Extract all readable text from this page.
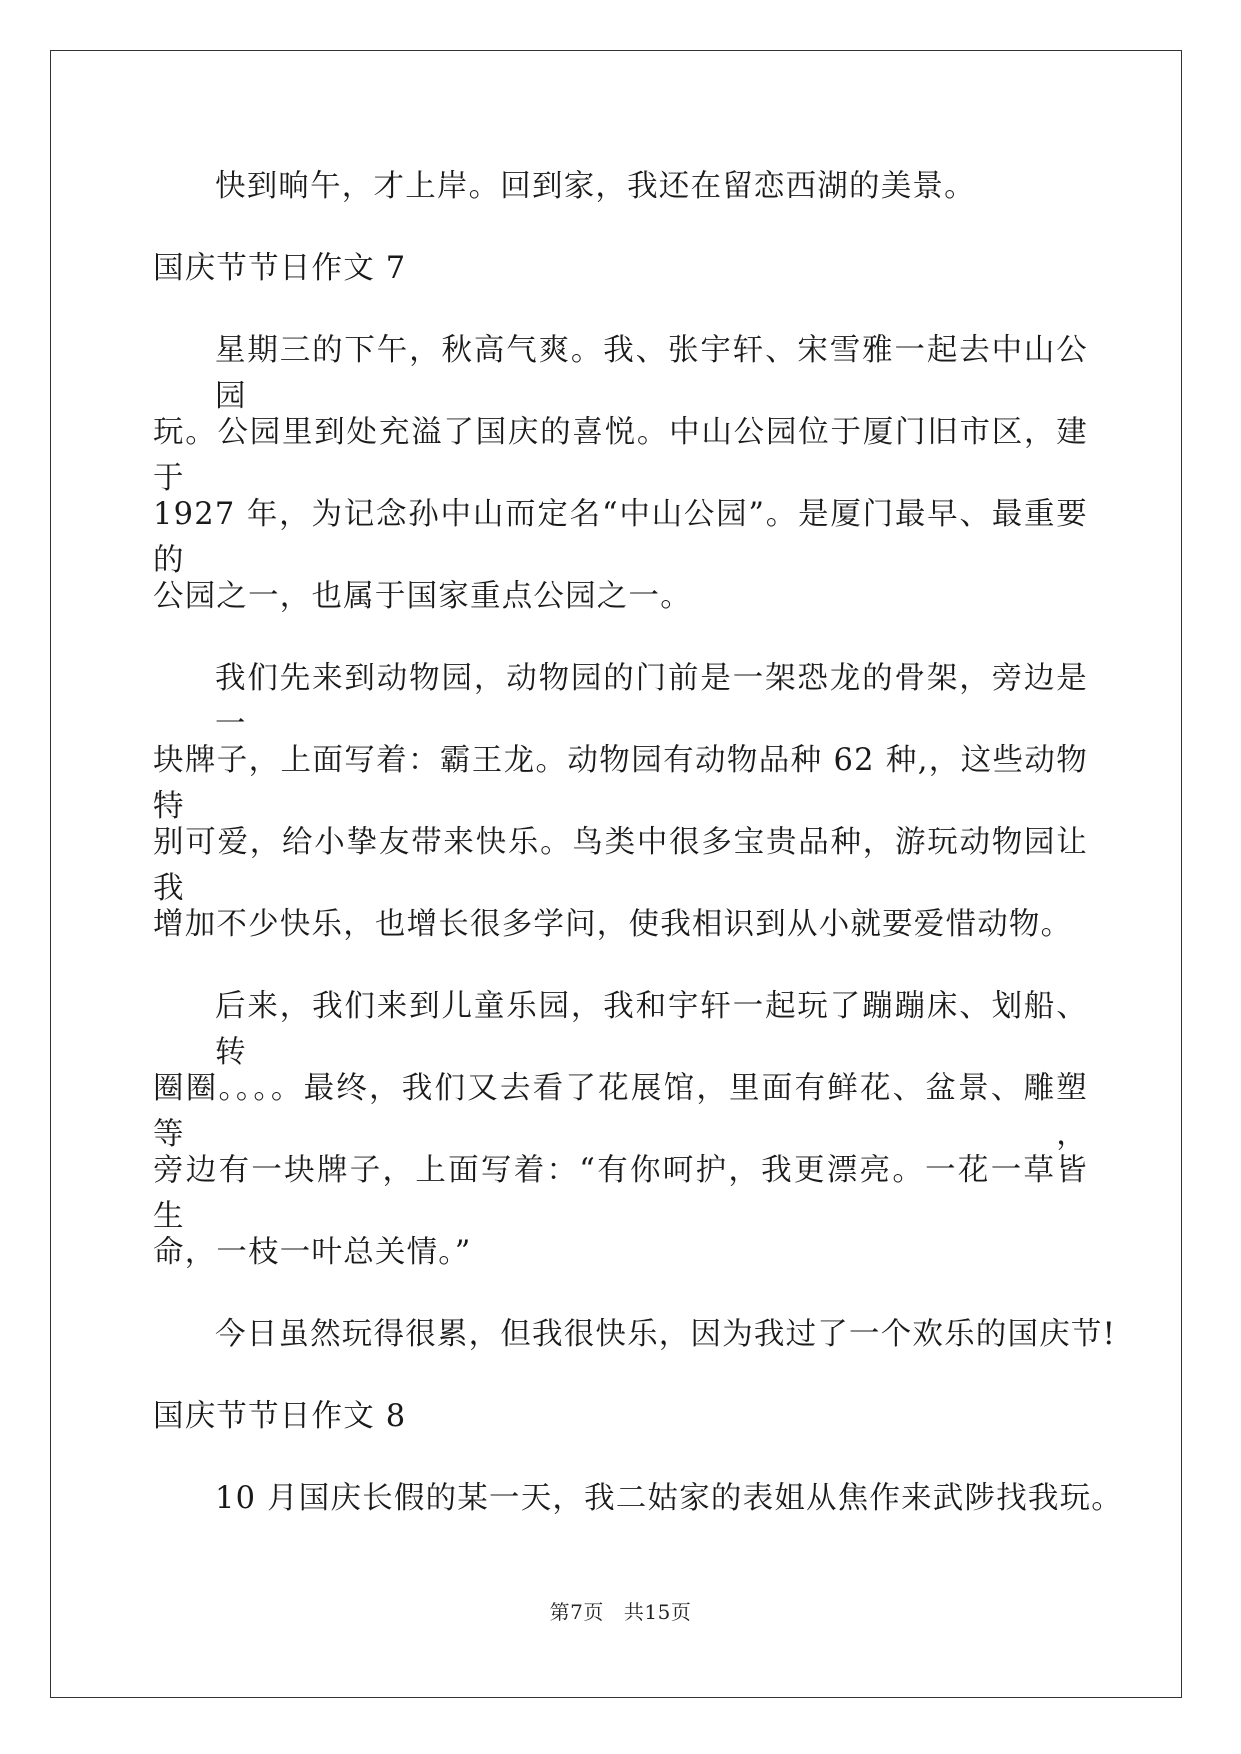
快到晌午，才上岸。回到家，我还在留恋西湖的美景。
国庆节节日作文 7
星期三的下午，秋高气爽。我、张宇轩、宋雪雅一起去中山公园
玩。公园里到处充溢了国庆的喜悦。中山公园位于厦门旧市区，建于
1927 年，为记念孙中山而定名“中山公园”。是厦门最早、最重要的
公园之一，也属于国家重点公园之一。
我们先来到动物园，动物园的门前是一架恐龙的骨架，旁边是一
块牌子，上面写着：霸王龙。动物园有动物品种 62 种,，这些动物特
别可爱，给小挚友带来快乐。鸟类中很多宝贵品种，游玩动物园让我
增加不少快乐，也增长很多学问，使我相识到从小就要爱惜动物。
后来，我们来到儿童乐园，我和宇轩一起玩了蹦蹦床、划船、转
圈圈。。。。最终，我们又去看了花展馆，里面有鲜花、盆景、雕塑等，
旁边有一块牌子，上面写着：“有你呵护，我更漂亮。一花一草皆生
命，一枝一叶总关情。”
今日虽然玩得很累，但我很快乐，因为我过了一个欢乐的国庆节!
国庆节节日作文 8
10 月国庆长假的某一天，我二姑家的表姐从焦作来武陟找我玩。
第7页 共15页
